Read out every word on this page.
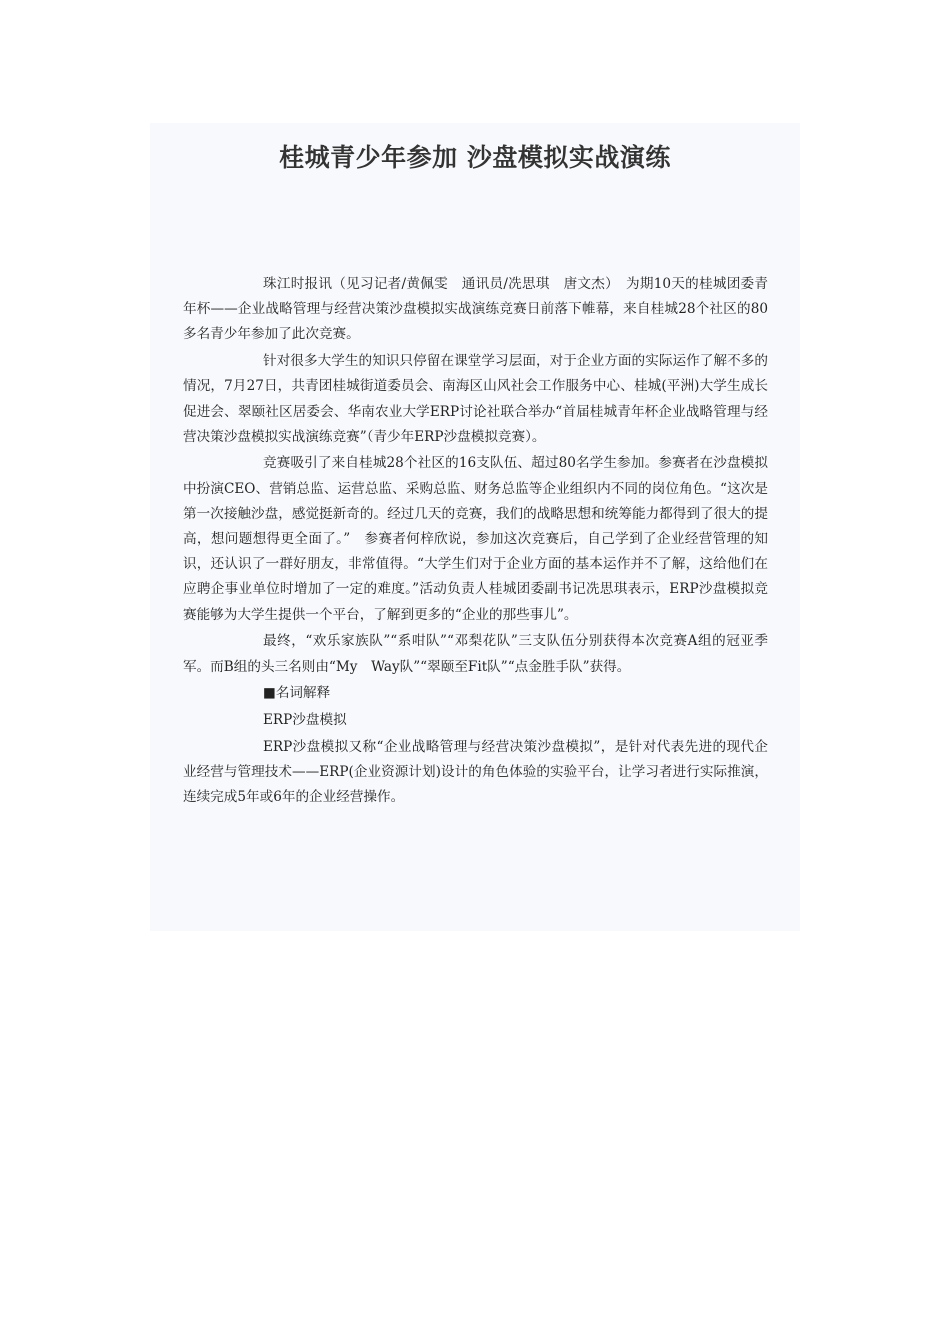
桂城青少年参加 沙盘模拟实战演练

珠江时报讯（见习记者/黄佩雯　通讯员/冼思琪　唐文杰）　为期10天的桂城团委青年杯——企业战略管理与经营决策沙盘模拟实战演练竞赛日前落下帷幕，来自桂城28个社区的80多名青少年参加了此次竞赛。

针对很多大学生的知识只停留在课堂学习层面，对于企业方面的实际运作了解不多的情况，7月27日，共青团桂城街道委员会、南海区山风社会工作服务中心、桂城(平洲)大学生成长促进会、翠颐社区居委会、华南农业大学ERP讨论社联合举办“首届桂城青年杯企业战略管理与经营决策沙盘模拟实战演练竞赛”（青少年ERP沙盘模拟竞赛）。

竞赛吸引了来自桂城28个社区的16支队伍、超过80名学生参加。参赛者在沙盘模拟中扮演CEO、营销总监、运营总监、采购总监、财务总监等企业组织内不同的岗位角色。“这次是第一次接触沙盘，感觉挺新奇的。经过几天的竞赛，我们的战略思想和统筹能力都得到了很大的提高，想问题想得更全面了。”　参赛者何梓欣说，参加这次竞赛后，自己学到了企业经营管理的知识，还认识了一群好朋友，非常值得。“大学生们对于企业方面的基本运作并不了解，这给他们在应聘企事业单位时增加了一定的难度。”活动负责人桂城团委副书记冼思琪表示，ERP沙盘模拟竞赛能够为大学生提供一个平台，了解到更多的“企业的那些事儿”。

最终，“欢乐家族队”“系咁队”“邓梨花队”三支队伍分别获得本次竞赛A组的冠亚季军。而B组的头三名则由“My　Way队”“翠颐至Fit队”“点金胜手队”获得。

■名词解释

ERP沙盘模拟

ERP沙盘模拟又称“企业战略管理与经营决策沙盘模拟”，是针对代表先进的现代企业经营与管理技术——ERP(企业资源计划)设计的角色体验的实验平台，让学习者进行实际推演，连续完成5年或6年的企业经营操作。
